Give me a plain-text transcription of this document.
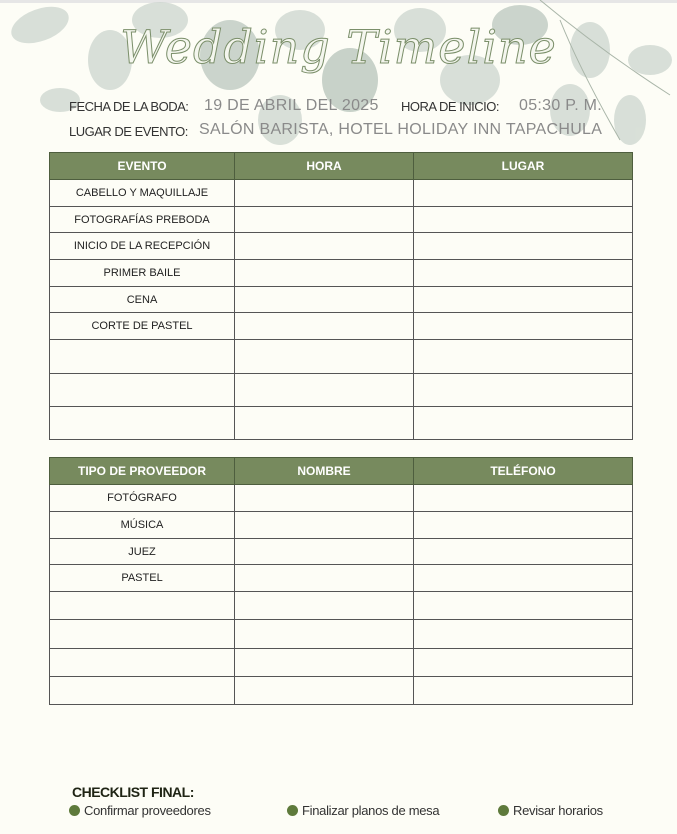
Wedding Timeline
FECHA DE LA BODA: 19 DE ABRIL DEL 2025 HORA DE INICIO: 05:30 P. M.
LUGAR DE EVENTO: SALÓN BARISTA, HOTEL HOLIDAY INN TAPACHULA
EVENTO	HORA	LUGAR
CABELLO Y MAQUILLAJE		
FOTOGRAFÍAS PREBODA		
INICIO DE LA RECEPCIÓN		
PRIMER BAILE		
CENA		
CORTE DE PASTEL		

TIPO DE PROVEEDOR	NOMBRE	TELÉFONO
FOTÓGRAFO		
MÚSICA		
JUEZ		
PASTEL		

CHECKLIST FINAL:
Confirmar proveedores	Finalizar planos de mesa	Revisar horarios
